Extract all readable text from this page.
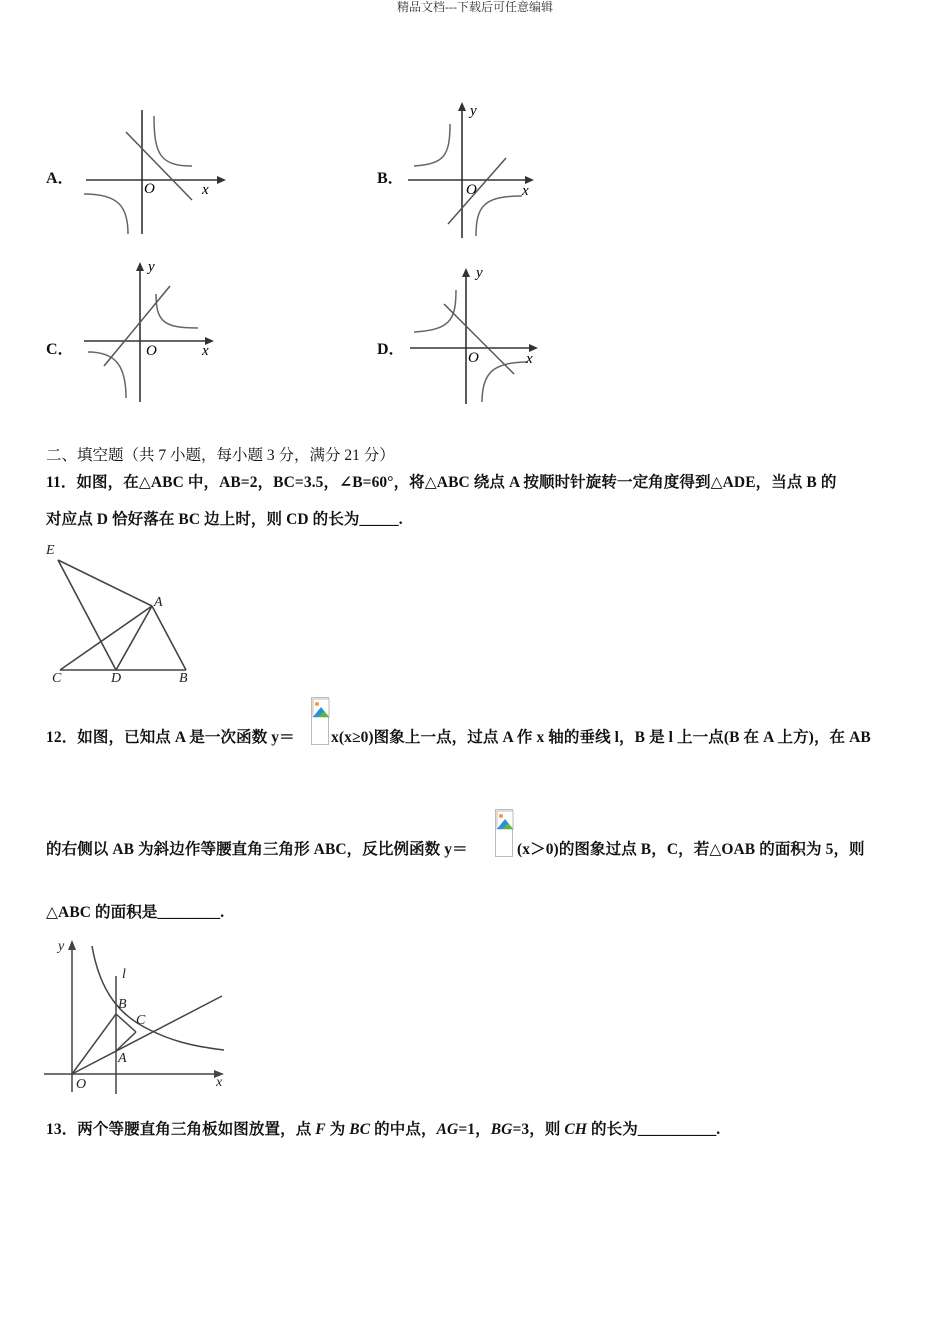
精品文档---下载后可任意编辑
A．
O	x
B．
y
O	x
C．
y
O	x	D．
y
O	x
二、填空题（共 7 小题，每小题 3 分，满分 21 分）
11．如图，在△ABC 中，AB=2，BC=3.5，∠B=60°，将△ABC 绕点 A 按顺时针旋转一定角度得到△ADE，当点 B 的
对应点 D 恰好落在 BC 边上时，则 CD 的长为_____.
E
A
C	D	B
12．如图，已知点 A 是一次函数 y＝ x(x≥0)图象上一点，过点 A 作 x 轴的垂线 l，B 是 l 上一点(B 在 A 上方)，在 AB
的右侧以 AB 为斜边作等腰直角三角形 ABC，反比例函数 y＝	(x＞0)的图象过点 B，C，若△OAB 的面积为 5，则
△ABC 的面积是________.
y
l
B
C
A
O	x
13．两个等腰直角三角板如图放置，点 F 为 BC 的中点，AG=1，BG=3，则 CH 的长为__________.
